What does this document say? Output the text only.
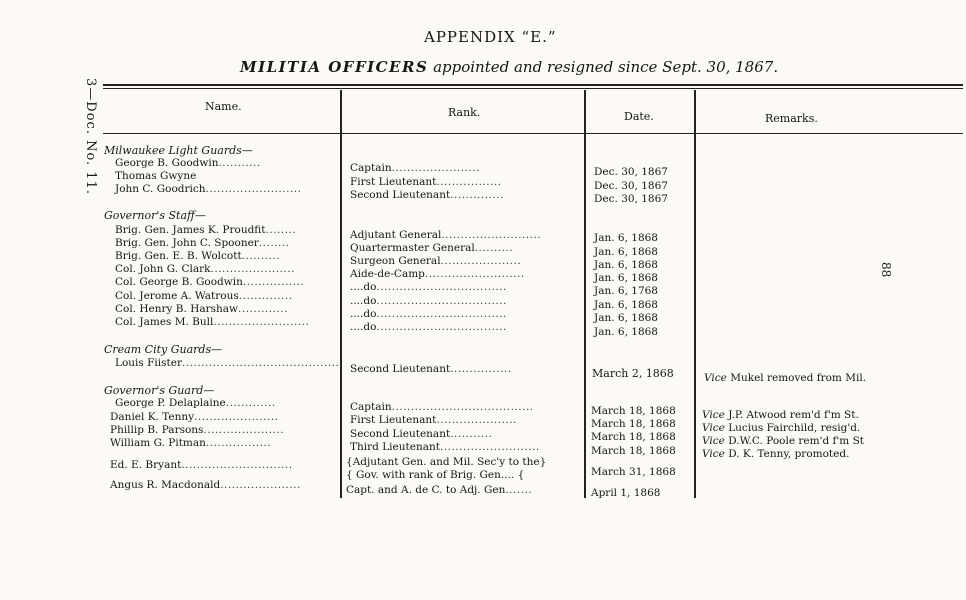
APPENDIX “E.”
MILITIA OFFICERS appointed and resigned since Sept. 30, 1867.
3—Doc. No. 11.
88
Name.	Rank.	Date.	Remarks.
Milwaukee Light Guards—
George B. Goodwin...........	Captain.......................	Dec. 30, 1867
Thomas Gwyne	First Lieutenant.................	Dec. 30, 1867
John C. Goodrich.........................	Second Lieutenant..............	Dec. 30, 1867
Governor's Staff—
Brig. Gen. James K. Proudfit........	Adjutant General..........................	Jan. 6, 1868
Brig. Gen. John C. Spooner........	Quartermaster General..........	Jan. 6, 1868
Brig. Gen. E. B. Wolcott..........	Surgeon General.....................	Jan. 6, 1868
Col. John G. Clark......................	Aide-de-Camp..........................	Jan. 6, 1868
Col. George B. Goodwin................	....do..................................	Jan. 6, 1768
Col. Jerome A. Watrous..............	....do..................................	Jan. 6, 1868
Col. Henry B. Harshaw.............	....do..................................	Jan. 6, 1868
Col. James M. Bull.........................	....do..................................	Jan. 6, 1868
Cream City Guards—
Louis Fiister......................................... Second Lieutenant................	March 2, 1868	Vice Mukel removed from Mil.
Governor's Guard—
George P. Delaplaine.............	Captain.....................................	March 18, 1868 Vice J.P. Atwood rem'd f'm St.
Daniel K. Tenny......................	First Lieutenant.....................	March 18, 1868 Vice Lucius Fairchild, resig'd.
Phillip B. Parsons.....................	Second Lieutenant...........	March 18, 1868 Vice D.W.C. Poole rem'd f'm St
William G. Pitman.................	Third Lieutenant..........................	March 18, 1868 Vice D. K. Tenny, promoted.
Ed. E. Bryant.............................	{Adjutant Gen. and Mil. Sec'y to the}
{ Gov. with rank of Brig. Gen.... {	March 31, 1868
Angus R. Macdonald.....................	Capt. and A. de C. to Adj. Gen.......	April 1, 1868
